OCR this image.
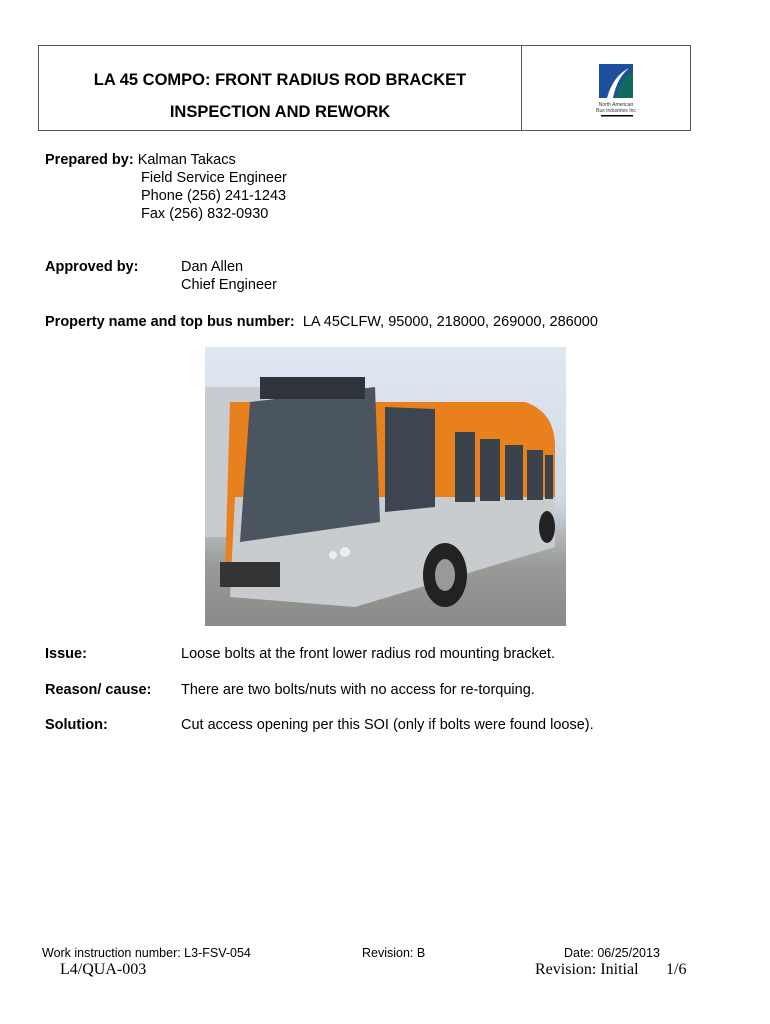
LA 45 COMPO: FRONT RADIUS ROD BRACKET
INSPECTION AND REWORK	North American
Bus Industries Inc
Prepared by: Kalman Takacs
Field Service Engineer
Phone (256) 241-1243
Fax (256) 832-0930
Approved by:	Dan Allen
Chief Engineer
Property name and top bus number: LA 45CLFW, 95000, 218000, 269000, 286000
Issue:	Loose bolts at the front lower radius rod mounting bracket.
Reason/ cause: There are two bolts/nuts with no access for re-torquing.
Solution:	Cut access opening per this SOI (only if bolts were found loose).
Work instruction number: L3-FSV-054	Revision: B	Date: 06/25/2013
L4/QUA-003	Revision: Initial 1/6
